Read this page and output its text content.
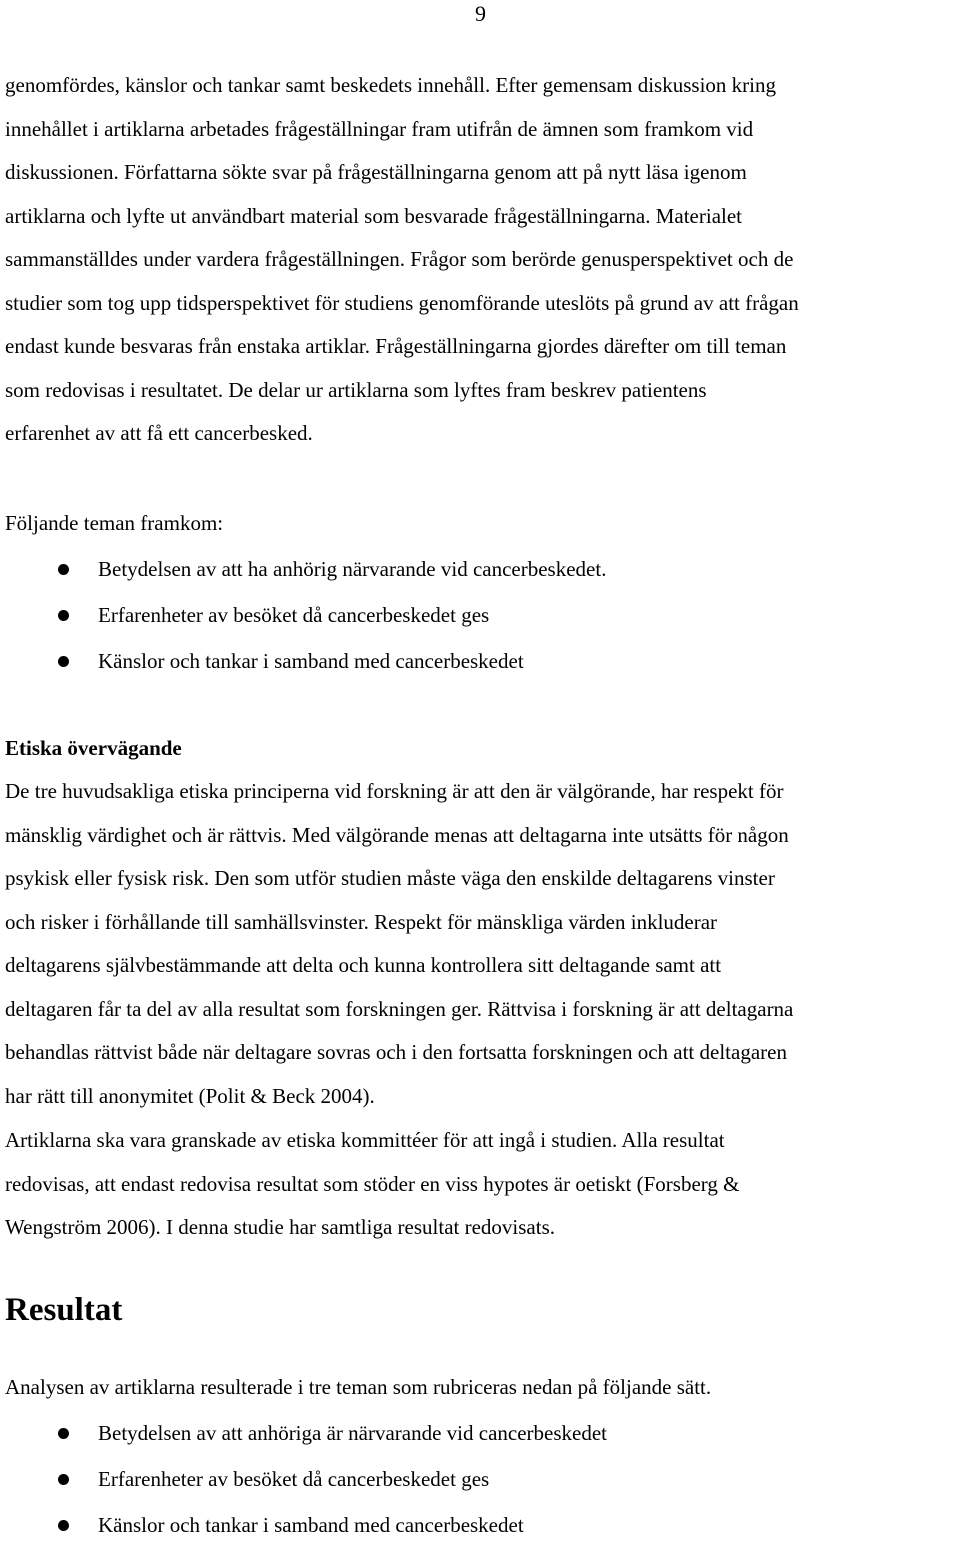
9

genomfördes, känslor och tankar samt beskedets innehåll. Efter gemensam diskussion kring
innehållet i artiklarna arbetades frågeställningar fram utifrån de ämnen som framkom vid
diskussionen. Författarna sökte svar på frågeställningarna genom att på nytt läsa igenom
artiklarna och lyfte ut användbart material som besvarade frågeställningarna. Materialet
sammanställdes under vardera frågeställningen. Frågor som berörde genusperspektivet och de
studier som tog upp tidsperspektivet för studiens genomförande uteslöts på grund av att frågan
endast kunde besvaras från enstaka artiklar. Frågeställningarna gjordes därefter om till teman
som redovisas i resultatet. De delar ur artiklarna som lyftes fram beskrev patientens
erfarenhet av att få ett cancerbesked.

Följande teman framkom:

Betydelsen av att ha anhörig närvarande vid cancerbeskedet.
Erfarenheter av besöket då cancerbeskedet ges
Känslor och tankar i samband med cancerbeskedet
Etiska övervägande

De tre huvudsakliga etiska principerna vid forskning är att den är välgörande, har respekt för
mänsklig värdighet och är rättvis. Med välgörande menas att deltagarna inte utsätts för någon
psykisk eller fysisk risk. Den som utför studien måste väga den enskilde deltagarens vinster
och risker i förhållande till samhällsvinster. Respekt för mänskliga värden inkluderar
deltagarens självbestämmande att delta och kunna kontrollera sitt deltagande samt att
deltagaren får ta del av alla resultat som forskningen ger. Rättvisa i forskning är att deltagarna
behandlas rättvist både när deltagare sovras och i den fortsatta forskningen och att deltagaren
har rätt till anonymitet (Polit & Beck 2004).

Artiklarna ska vara granskade av etiska kommittéer för att ingå i studien. Alla resultat
redovisas, att endast redovisa resultat som stöder en viss hypotes är oetiskt (Forsberg &
Wengström 2006). I denna studie har samtliga resultat redovisats.

Resultat

Analysen av artiklarna resulterade i tre teman som rubriceras nedan på följande sätt.

Betydelsen av att anhöriga är närvarande vid cancerbeskedet
Erfarenheter av besöket då cancerbeskedet ges
Känslor och tankar i samband med cancerbeskedet
